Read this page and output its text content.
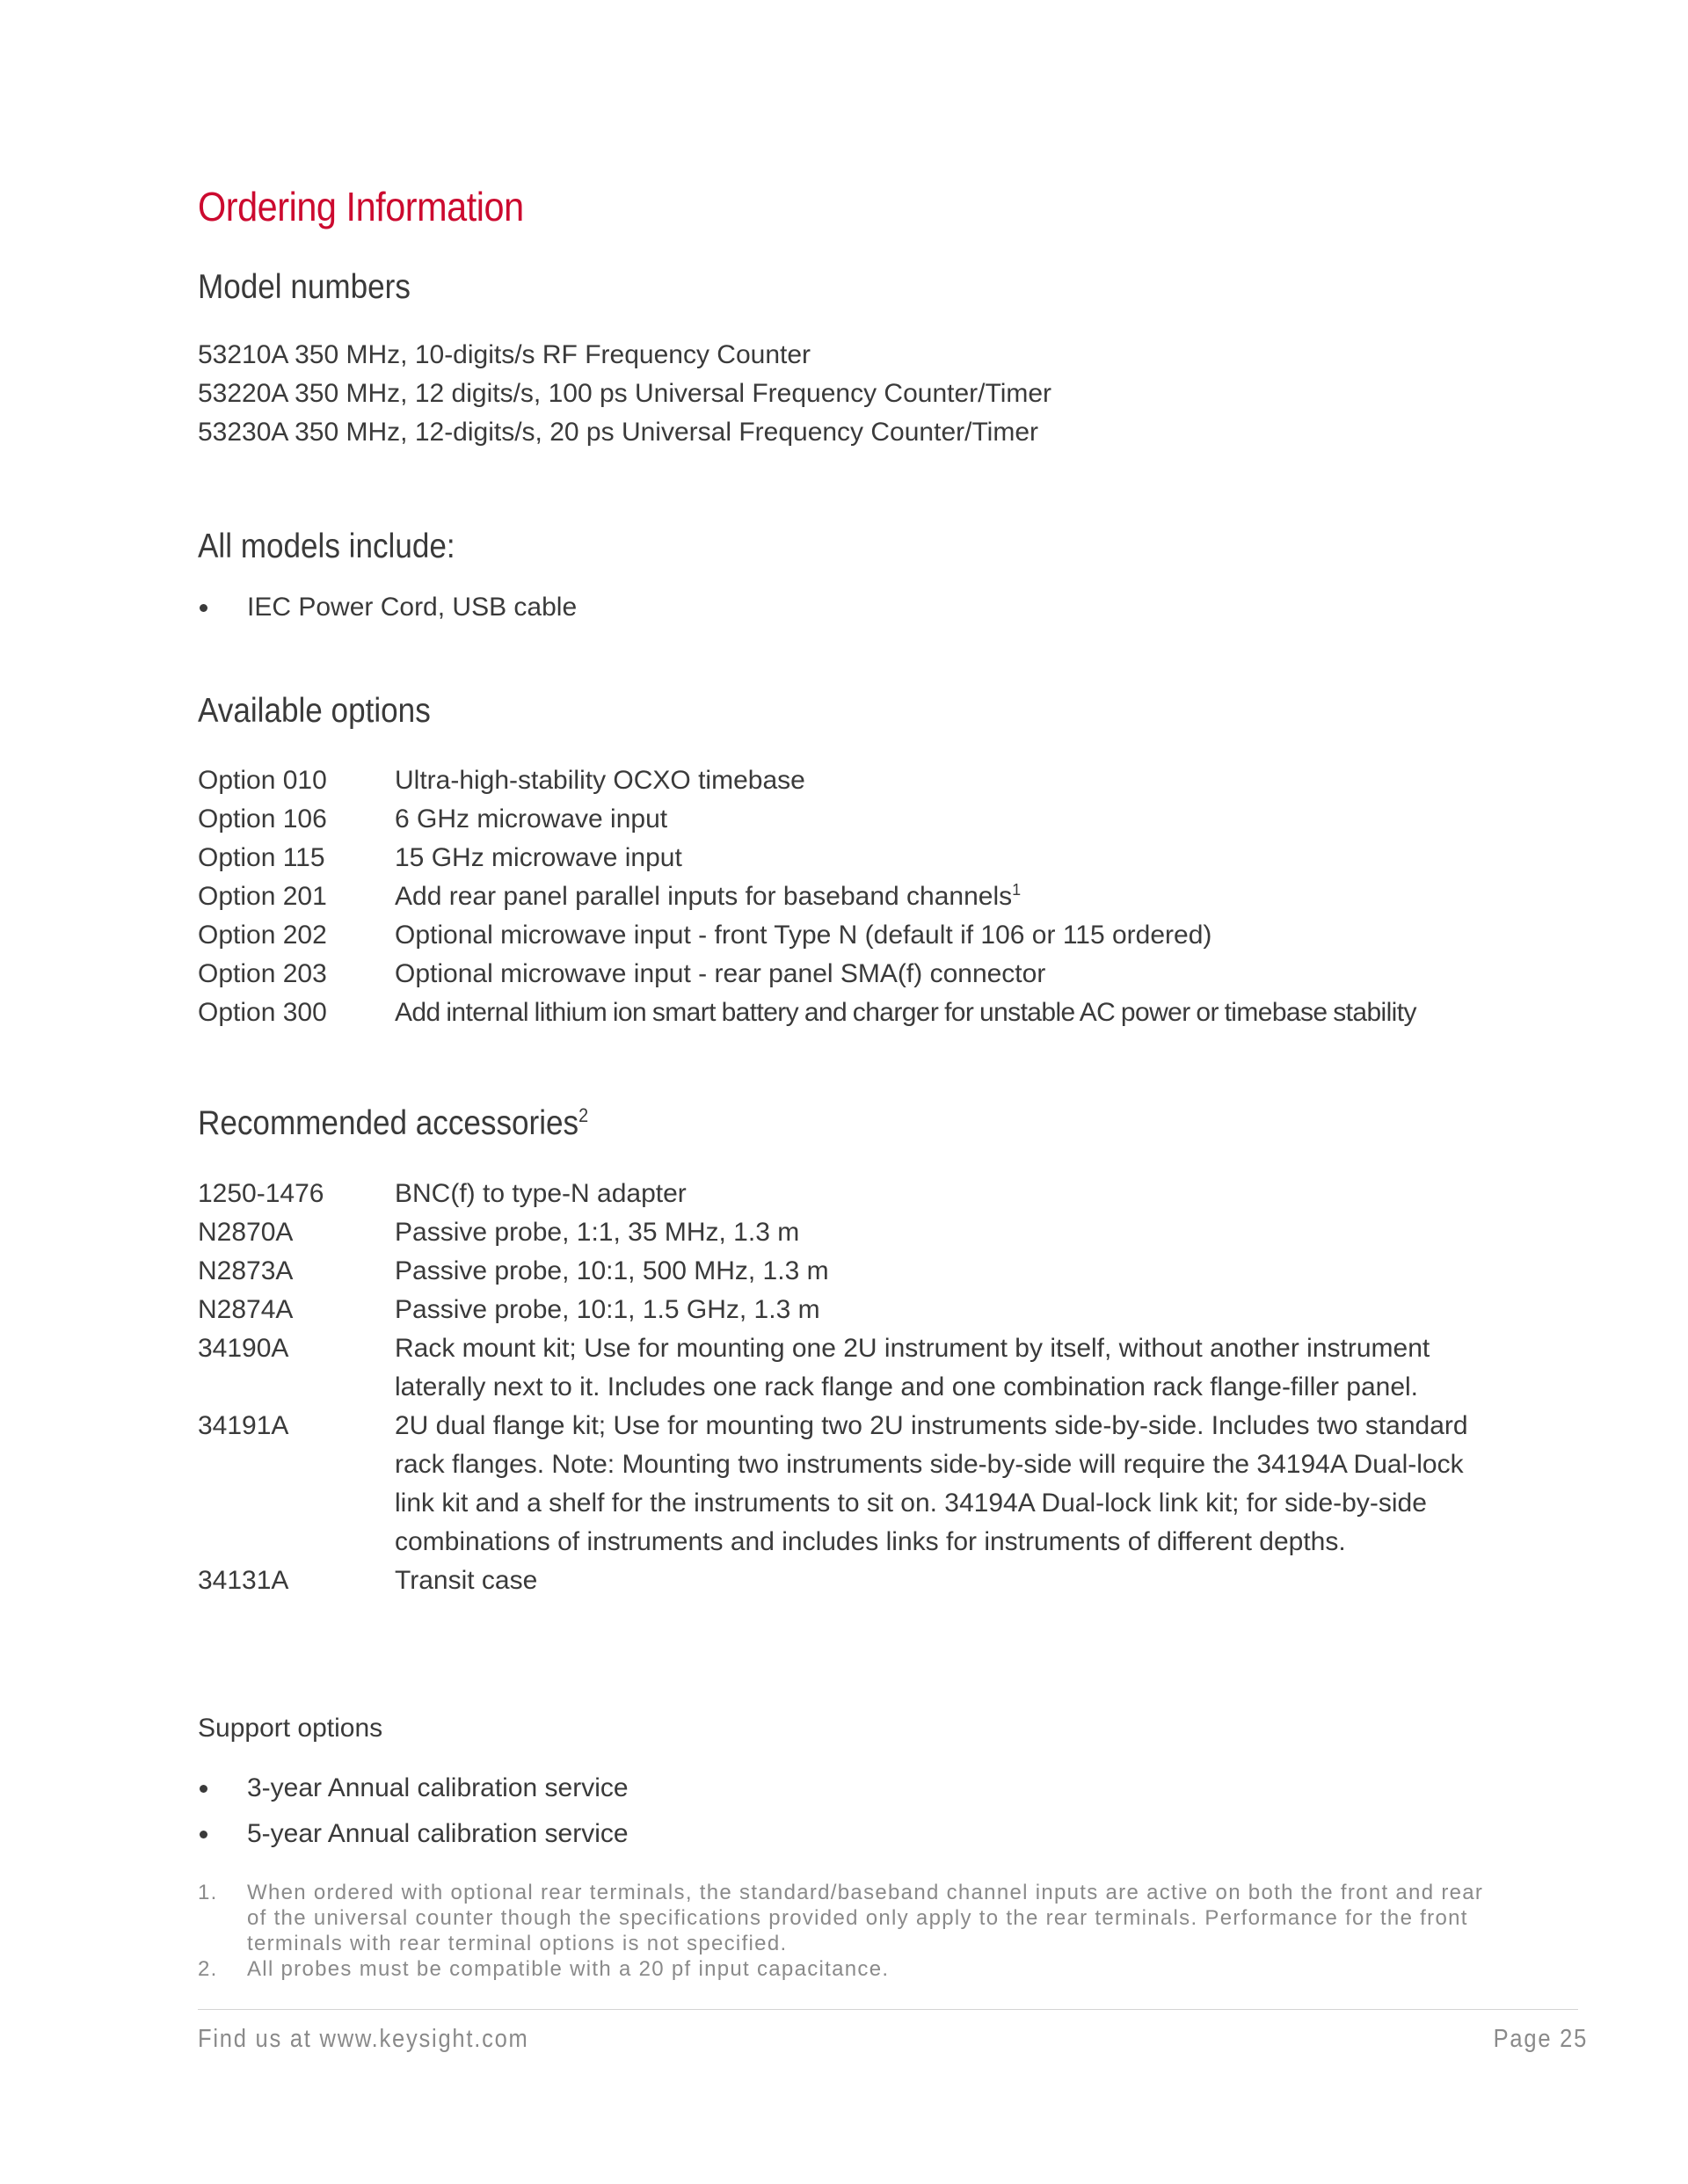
Ordering Information
Model numbers
53210A 350 MHz, 10-digits/s RF Frequency Counter
53220A 350 MHz, 12 digits/s, 100 ps Universal Frequency Counter/Timer
53230A 350 MHz, 12-digits/s, 20 ps Universal Frequency Counter/Timer
All models include:
IEC Power Cord, USB cable
Available options
Option 010	Ultra-high-stability OCXO timebase
Option 106	6 GHz microwave input
Option 115	15 GHz microwave input
Option 201	Add rear panel parallel inputs for baseband channels$^1$
Option 202	Optional microwave input - front Type N (default if 106 or 115 ordered)
Option 203	Optional microwave input - rear panel SMA(f) connector
Option 300	Add internal lithium ion smart battery and charger for unstable AC power or timebase stability
Recommended accessories$^2$
1250-1476	BNC(f) to type-N adapter
N2870A	Passive probe, 1:1, 35 MHz, 1.3 m
N2873A	Passive probe, 10:1, 500 MHz, 1.3 m
N2874A	Passive probe, 10:1, 1.5 GHz, 1.3 m
34190A	Rack mount kit; Use for mounting one 2U instrument by itself, without another instrument laterally next to it. Includes one rack flange and one combination rack flange-filler panel.
34191A	2U dual flange kit; Use for mounting two 2U instruments side-by-side. Includes two standard rack flanges. Note: Mounting two instruments side-by-side will require the 34194A Dual-lock link kit and a shelf for the instruments to sit on. 34194A Dual-lock link kit; for side-by-side combinations of instruments and includes links for instruments of different depths.
34131A	Transit case
Support options
3-year Annual calibration service
5-year Annual calibration service
1.	When ordered with optional rear terminals, the standard/baseband channel inputs are active on both the front and rear of the universal counter though the specifications provided only apply to the rear terminals. Performance for the front terminals with rear terminal options is not specified.
2.	All probes must be compatible with a 20 pf input capacitance.
Find us at www.keysight.com	Page 25
